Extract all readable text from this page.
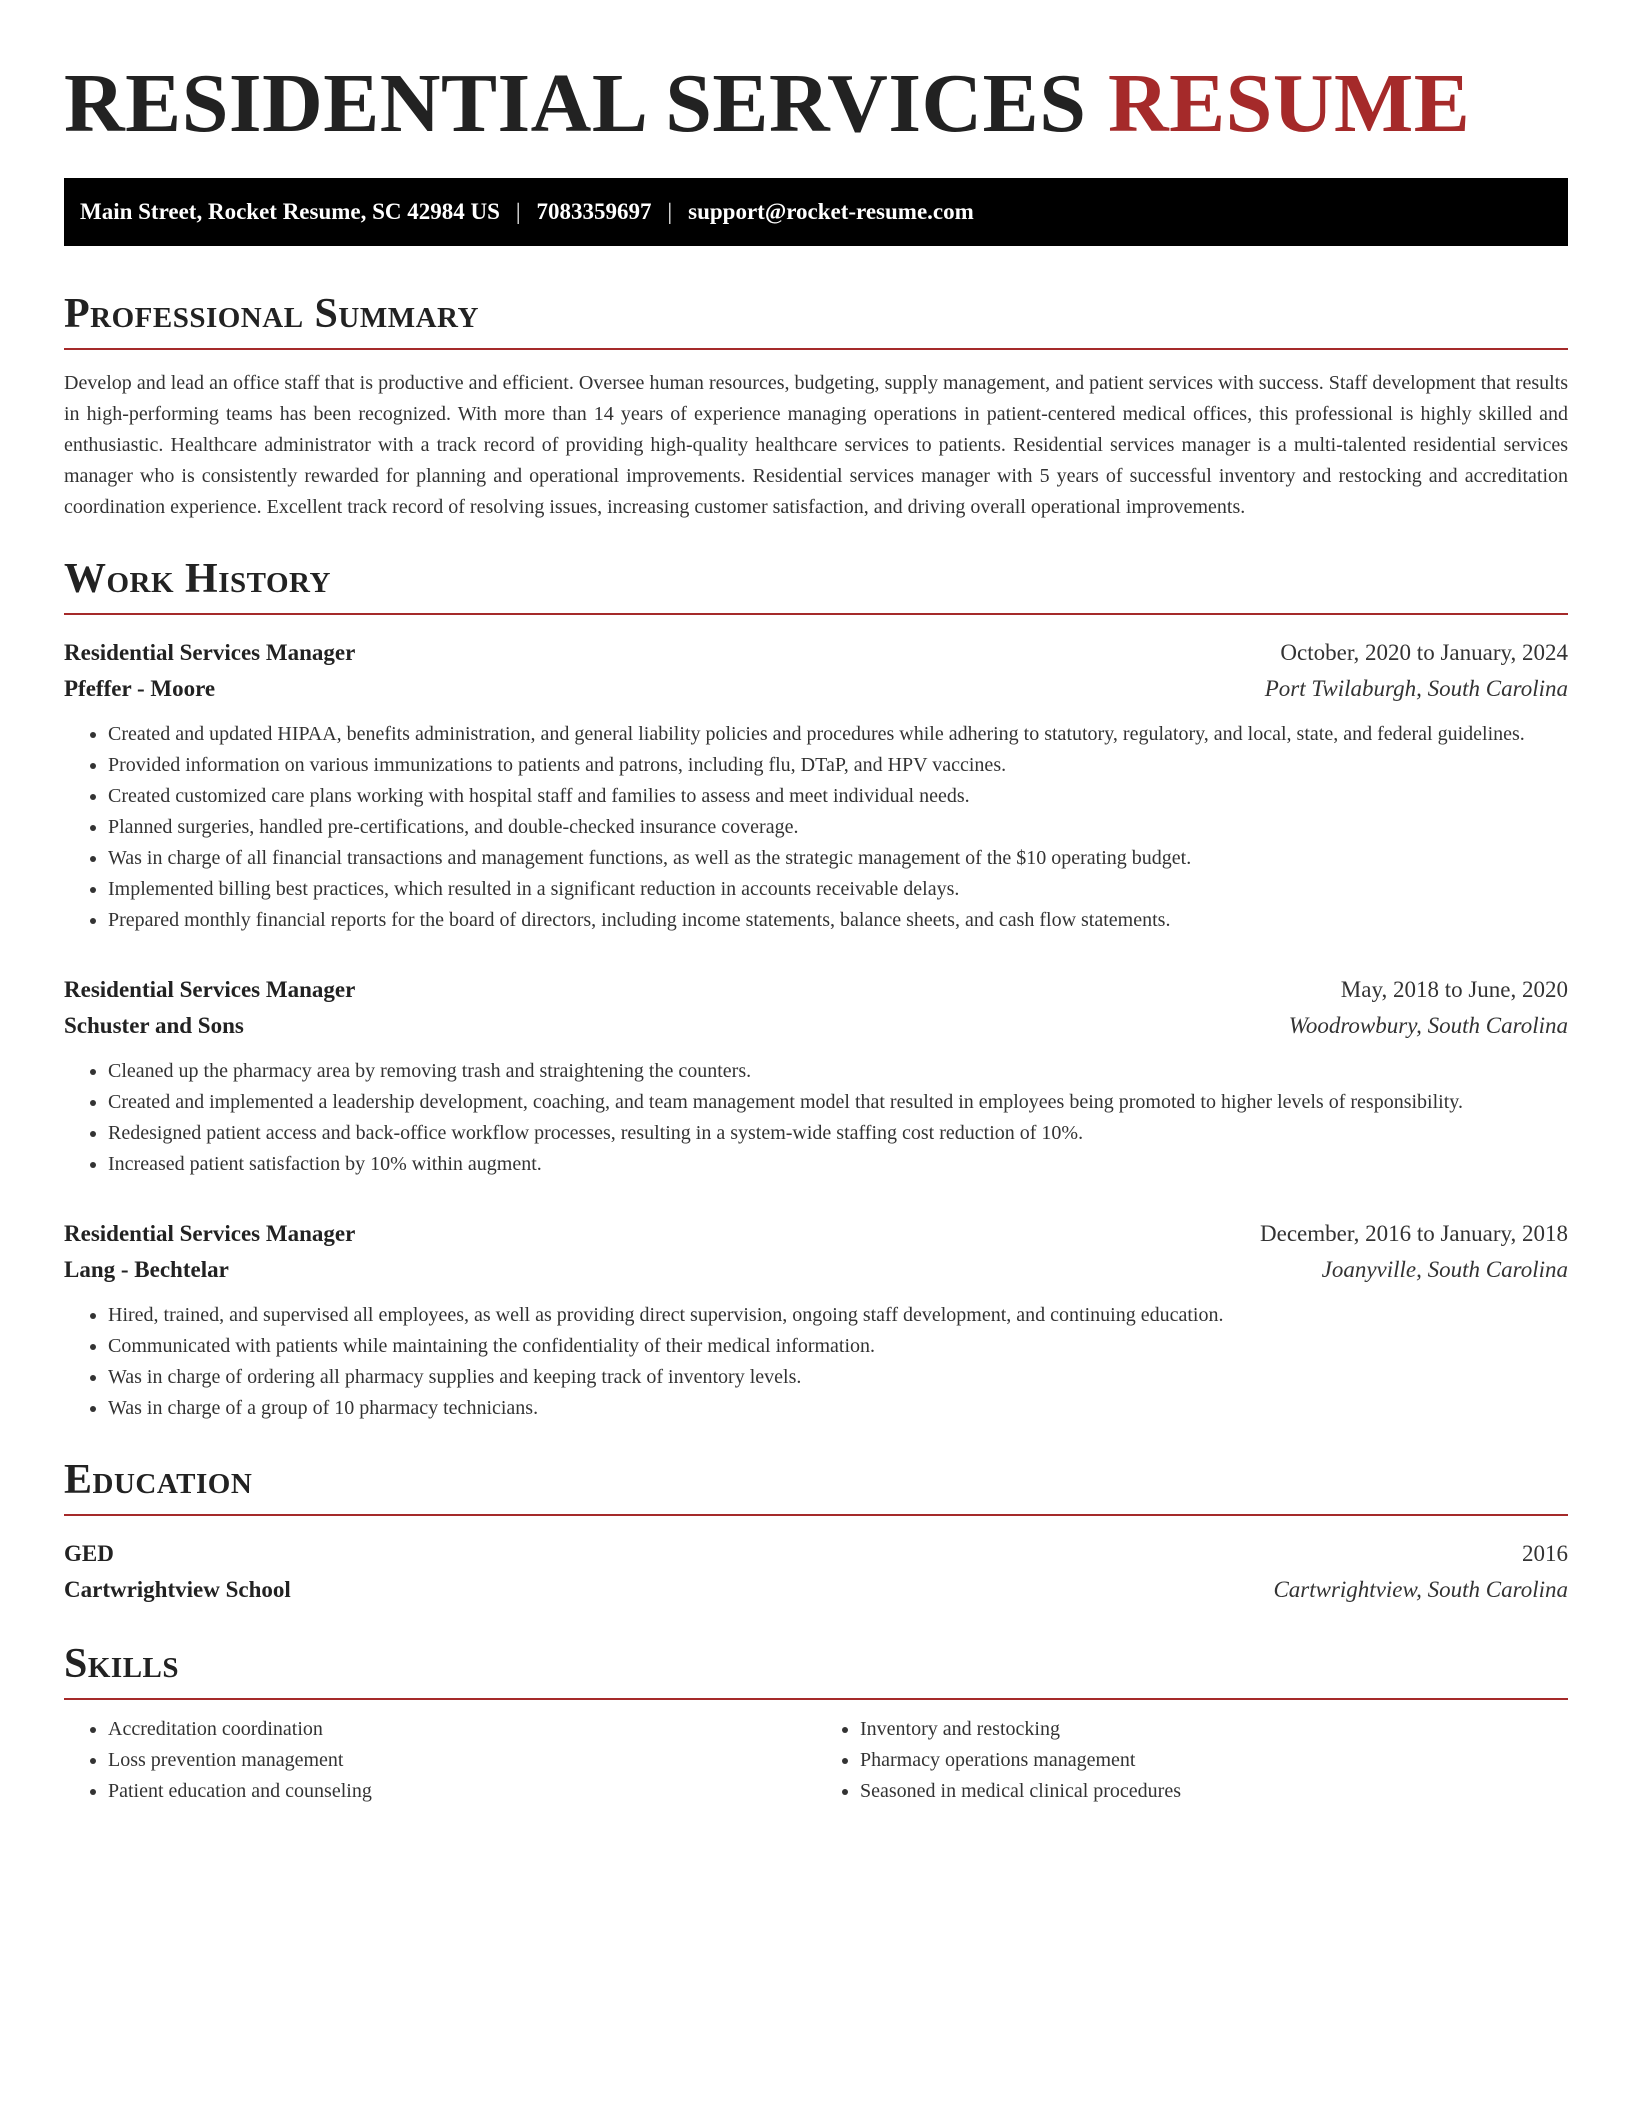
RESIDENTIAL SERVICES RESUME
Main Street, Rocket Resume, SC 42984 US | 7083359697 | support@rocket-resume.com
Professional Summary

Develop and lead an office staff that is productive and efficient. Oversee human resources, budgeting, supply management, and patient services with success. Staff development that results in high-performing teams has been recognized. With more than 14 years of experience managing operations in patient-centered medical offices, this professional is highly skilled and enthusiastic. Healthcare administrator with a track record of providing high-quality healthcare services to patients. Residential services manager is a multi-talented residential services manager who is consistently rewarded for planning and operational improvements. Residential services manager with 5 years of successful inventory and restocking and accreditation coordination experience. Excellent track record of resolving issues, increasing customer satisfaction, and driving overall operational improvements.

Work History
Residential Services Manager	October, 2020 to January, 2024
Pfeffer - Moore	Port Twilaburgh, South Carolina
• Created and updated HIPAA, benefits administration, and general liability policies and procedures while adhering to statutory, regulatory, and local, state, and federal guidelines.
• Provided information on various immunizations to patients and patrons, including flu, DTaP, and HPV vaccines.
• Created customized care plans working with hospital staff and families to assess and meet individual needs.
• Planned surgeries, handled pre-certifications, and double-checked insurance coverage.
• Was in charge of all financial transactions and management functions, as well as the strategic management of the $10 operating budget.
• Implemented billing best practices, which resulted in a significant reduction in accounts receivable delays.
• Prepared monthly financial reports for the board of directors, including income statements, balance sheets, and cash flow statements.
Residential Services Manager	May, 2018 to June, 2020
Schuster and Sons	Woodrowbury, South Carolina
• Cleaned up the pharmacy area by removing trash and straightening the counters.
• Created and implemented a leadership development, coaching, and team management model that resulted in employees being promoted to higher levels of responsibility.
• Redesigned patient access and back-office workflow processes, resulting in a system-wide staffing cost reduction of 10%.
• Increased patient satisfaction by 10% within augment.
Residential Services Manager	December, 2016 to January, 2018
Lang - Bechtelar	Joanyville, South Carolina
• Hired, trained, and supervised all employees, as well as providing direct supervision, ongoing staff development, and continuing education.
• Communicated with patients while maintaining the confidentiality of their medical information.
• Was in charge of ordering all pharmacy supplies and keeping track of inventory levels.
• Was in charge of a group of 10 pharmacy technicians.
Education
GED	2016
Cartwrightview School	Cartwrightview, South Carolina
Skills
• Accreditation coordination
• Loss prevention management
• Patient education and counseling
• Inventory and restocking
• Pharmacy operations management
• Seasoned in medical clinical procedures
